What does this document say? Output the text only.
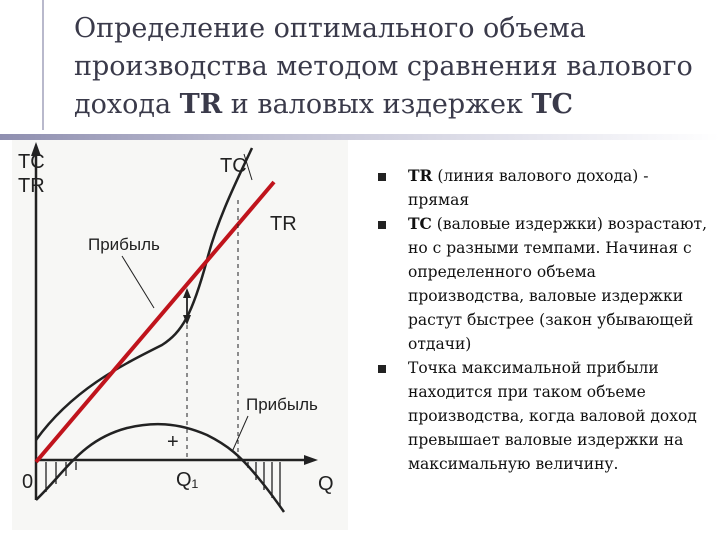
Определение оптимального объема производства методом сравнения валового дохода TR и валовых издержек TC
TC
TR
0	Q
TC
TR
Прибыль
Прибыль
+
Q₁
TR (линия валового дохода) - прямая
TC (валовые издержки) возрастают, но с разными темпами. Начиная с определенного объема производства, валовые издержки растут быстрее (закон убывающей отдачи)
Точка максимальной прибыли находится при таком объеме производства, когда валовой доход превышает валовые издержки на максимальную величину.
